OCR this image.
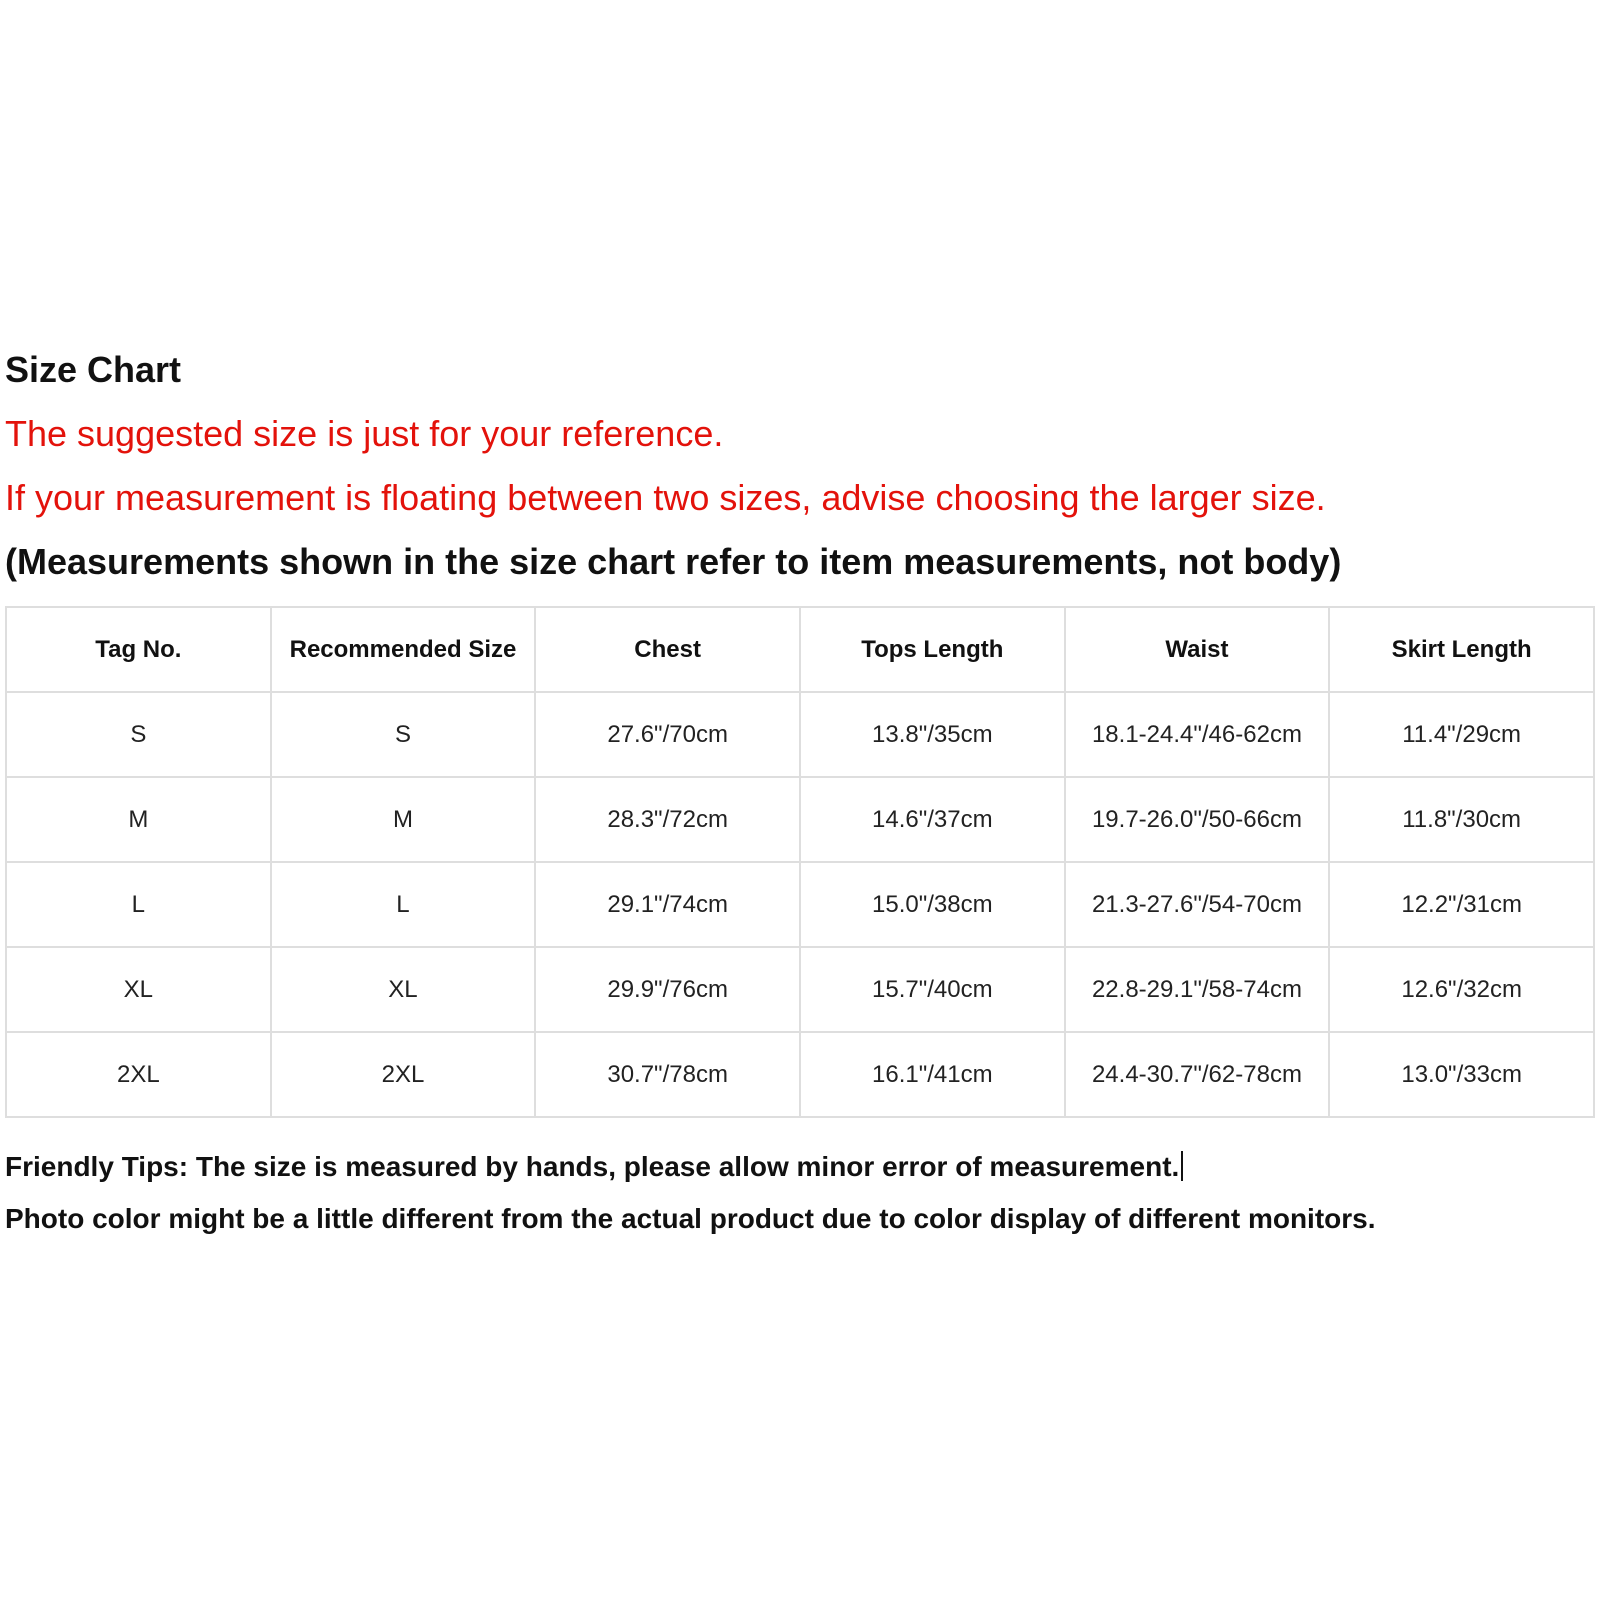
Size Chart
The suggested size is just for your reference.
If your measurement is floating between two sizes, advise choosing the larger size.
(Measurements shown in the size chart refer to item measurements, not body)
Tag No.	Recommended Size	Chest	Tops Length	Waist	Skirt Length
S	S	27.6"/70cm	13.8"/35cm	18.1-24.4"/46-62cm	11.4"/29cm
M	M	28.3"/72cm	14.6"/37cm	19.7-26.0"/50-66cm	11.8"/30cm
L	L	29.1"/74cm	15.0"/38cm	21.3-27.6"/54-70cm	12.2"/31cm
XL	XL	29.9"/76cm	15.7"/40cm	22.8-29.1"/58-74cm	12.6"/32cm
2XL	2XL	30.7"/78cm	16.1"/41cm	24.4-30.7"/62-78cm	13.0"/33cm
Friendly Tips: The size is measured by hands, please allow minor error of measurement.
Photo color might be a little different from the actual product due to color display of different monitors.
